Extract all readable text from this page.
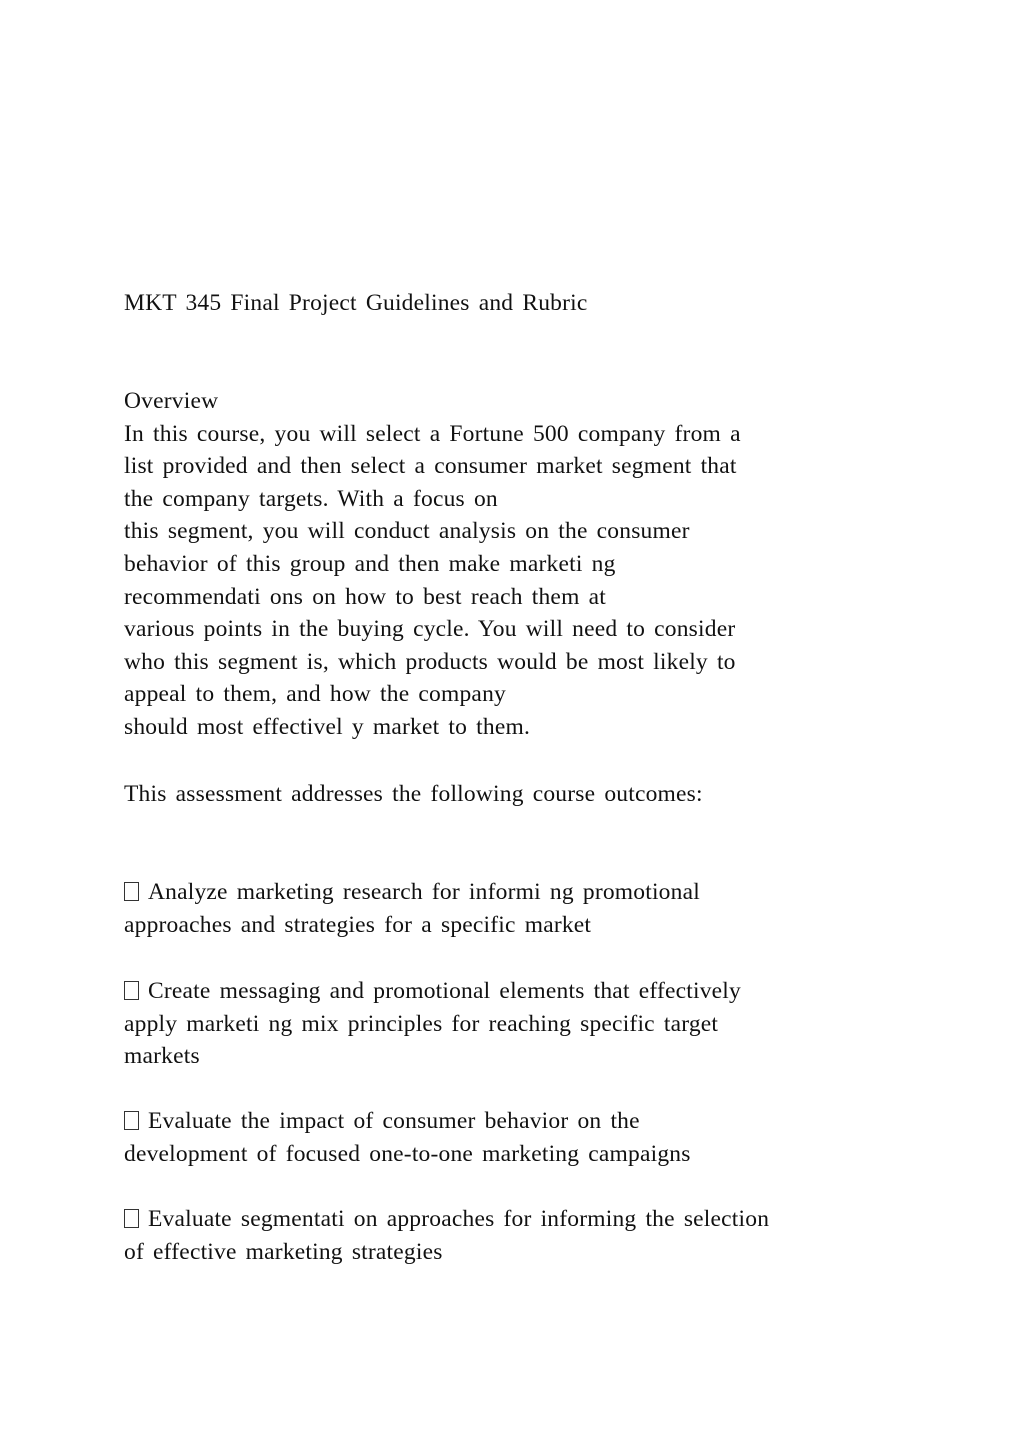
MKT 345 Final Project Guidelines and Rubric
Overview
In this course, you will select a Fortune 500 company from a
list provided and then select a consumer market segment that
the company targets. With a focus on
this segment, you will conduct analysis on the consumer
behavior of this group and then make marketi ng
recommendati ons on how to best reach them at
various points in the buying cycle. You will need to consider
who this segment is, which products would be most likely to
appeal to them, and how the company
should most effectivel y market to them.
This assessment addresses the following course outcomes:
Analyze marketing research for informi ng promotional
approaches and strategies for a specific market
Create messaging and promotional elements that effectively
apply marketi ng mix principles for reaching specific target
markets
Evaluate the impact of consumer behavior on the
development of focused one-to-one marketing campaigns
Evaluate segmentati on approaches for informing the selection
of effective marketing strategies
